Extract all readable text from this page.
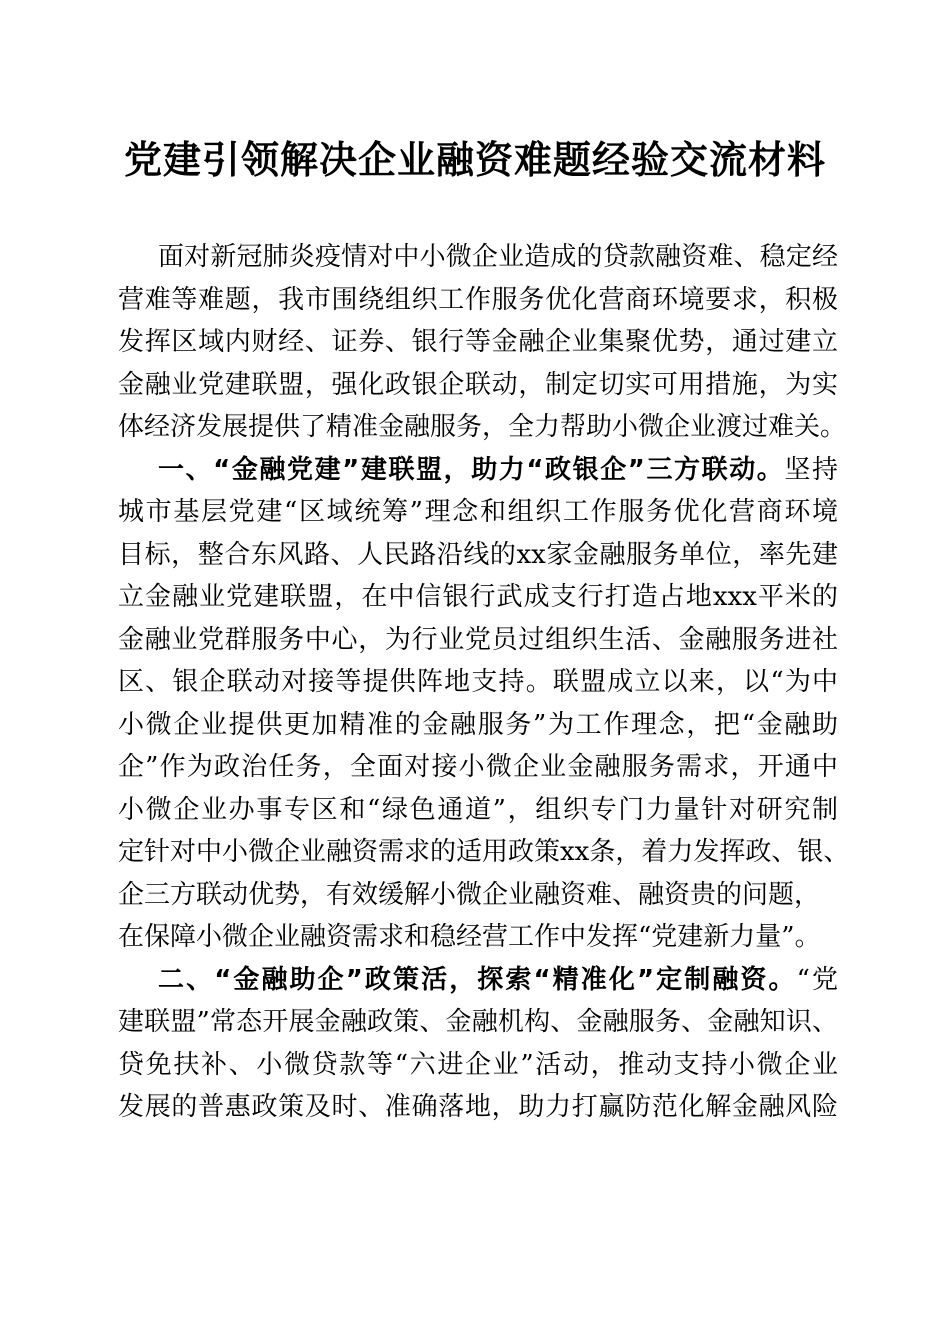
党建引领解决企业融资难题经验交流材料
面对新冠肺炎疫情对中小微企业造成的贷款融资难、稳定经
营难等难题，我市围绕组织工作服务优化营商环境要求，积极
发挥区域内财经、证券、银行等金融企业集聚优势，通过建立
金融业党建联盟，强化政银企联动，制定切实可用措施，为实
体经济发展提供了精准金融服务，全力帮助小微企业渡过难关。
一、“金融党建”建联盟，助力“政银企”三方联动。坚持
城市基层党建“区域统筹”理念和组织工作服务优化营商环境
目标，整合东风路、人民路沿线的xx家金融服务单位，率先建
立金融业党建联盟，在中信银行武成支行打造占地xxx平米的
金融业党群服务中心，为行业党员过组织生活、金融服务进社
区、银企联动对接等提供阵地支持。联盟成立以来，以“为中
小微企业提供更加精准的金融服务”为工作理念，把“金融助
企”作为政治任务，全面对接小微企业金融服务需求，开通中
小微企业办事专区和“绿色通道”，组织专门力量针对研究制
定针对中小微企业融资需求的适用政策xx条，着力发挥政、银、
企三方联动优势，有效缓解小微企业融资难、融资贵的问题，
在保障小微企业融资需求和稳经营工作中发挥“党建新力量”。
二、“金融助企”政策活，探索“精准化”定制融资。“党
建联盟”常态开展金融政策、金融机构、金融服务、金融知识、
贷免扶补、小微贷款等“六进企业”活动，推动支持小微企业
发展的普惠政策及时、准确落地，助力打赢防范化解金融风险
